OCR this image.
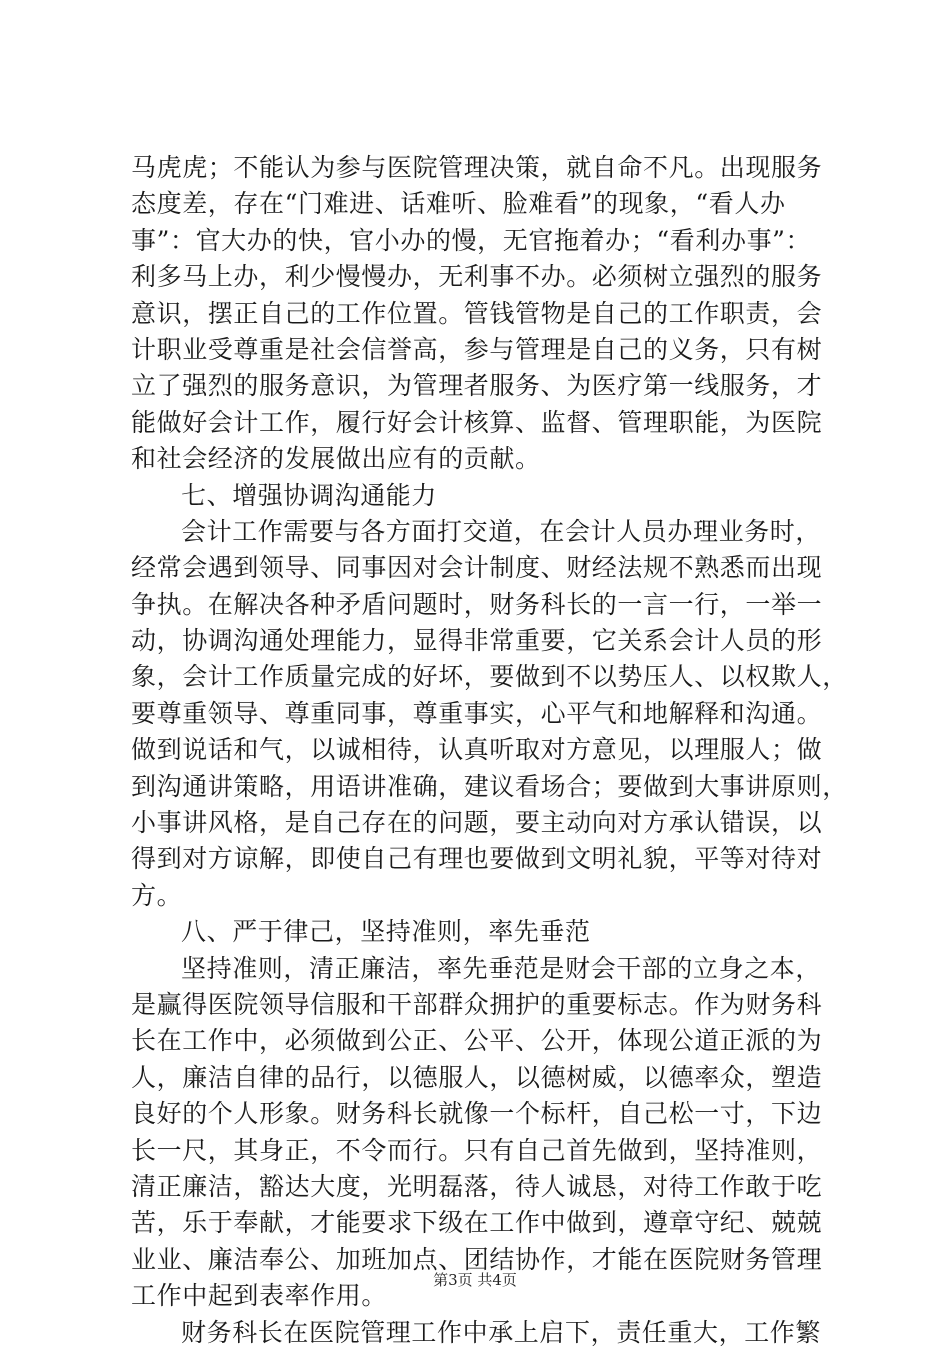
马虎虎；不能认为参与医院管理决策，就自命不凡。出现服务
态度差，存在“门难进、话难听、脸难看”的现象，“看人办
事”：官大办的快，官小办的慢，无官拖着办；“看利办事”：
利多马上办，利少慢慢办，无利事不办。必须树立强烈的服务
意识，摆正自己的工作位置。管钱管物是自己的工作职责，会
计职业受尊重是社会信誉高，参与管理是自己的义务，只有树
立了强烈的服务意识，为管理者服务、为医疗第一线服务，才
能做好会计工作，履行好会计核算、监督、管理职能，为医院
和社会经济的发展做出应有的贡献。
七、增强协调沟通能力
会计工作需要与各方面打交道，在会计人员办理业务时，
经常会遇到领导、同事因对会计制度、财经法规不熟悉而出现
争执。在解决各种矛盾问题时，财务科长的一言一行，一举一
动，协调沟通处理能力，显得非常重要，它关系会计人员的形
象，会计工作质量完成的好坏，要做到不以势压人、以权欺人，
要尊重领导、尊重同事，尊重事实，心平气和地解释和沟通。
做到说话和气，以诚相待，认真听取对方意见，以理服人；做
到沟通讲策略，用语讲准确，建议看场合；要做到大事讲原则，
小事讲风格，是自己存在的问题，要主动向对方承认错误，以
得到对方谅解，即使自己有理也要做到文明礼貌，平等对待对
方。
八、严于律己，坚持准则，率先垂范
坚持准则，清正廉洁，率先垂范是财会干部的立身之本，
是赢得医院领导信服和干部群众拥护的重要标志。作为财务科
长在工作中，必须做到公正、公平、公开，体现公道正派的为
人，廉洁自律的品行，以德服人，以德树威，以德率众，塑造
良好的个人形象。财务科长就像一个标杆，自己松一寸，下边
长一尺，其身正，不令而行。只有自己首先做到，坚持准则，
清正廉洁，豁达大度，光明磊落，待人诚恳，对待工作敢于吃
苦，乐于奉献，才能要求下级在工作中做到，遵章守纪、兢兢
业业、廉洁奉公、加班加点、团结协作，才能在医院财务管理
工作中起到表率作用。
财务科长在医院管理工作中承上启下，责任重大，工作繁
第3页 共4页
